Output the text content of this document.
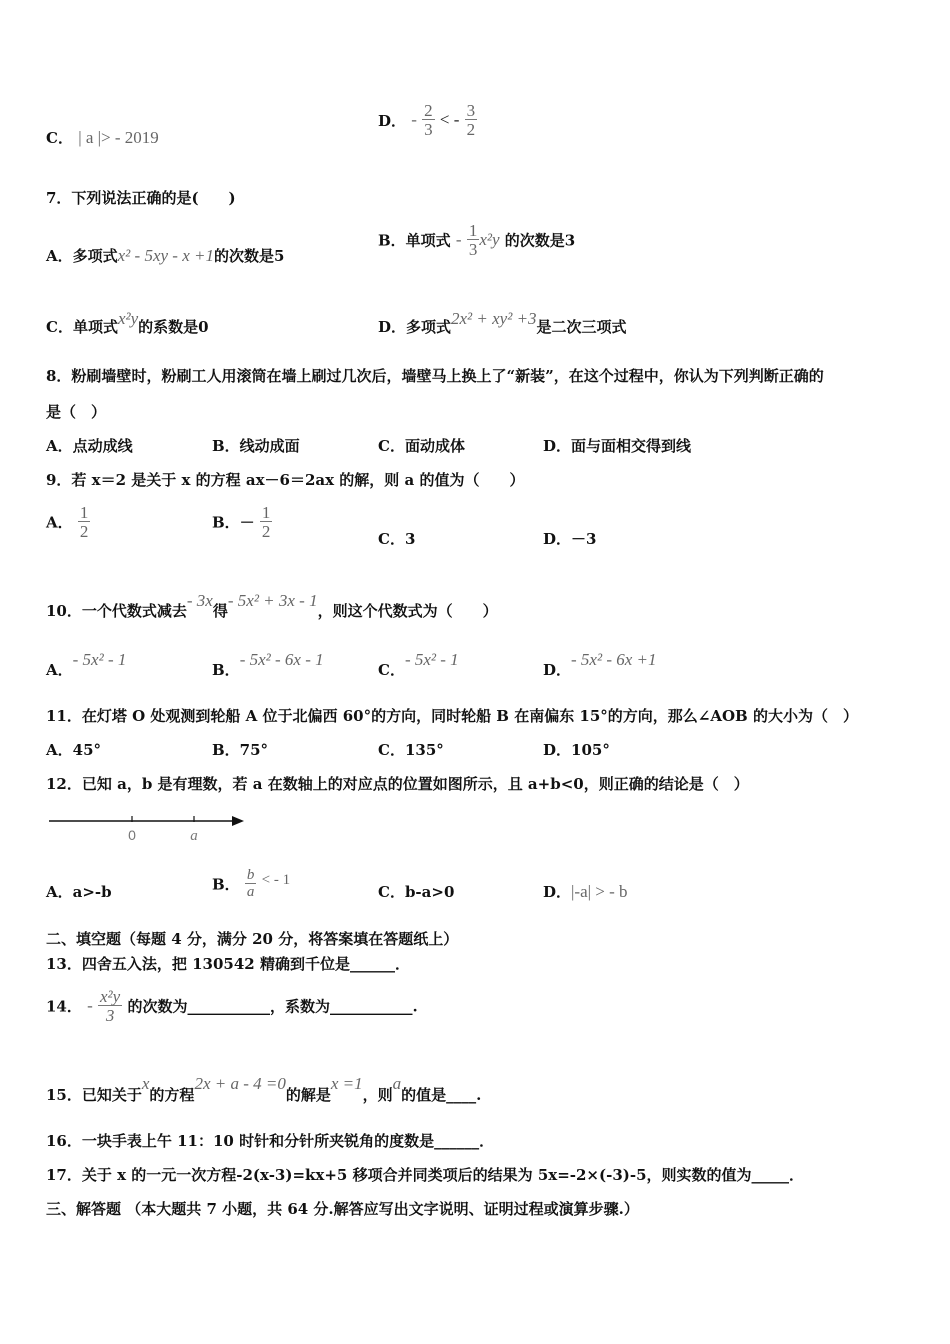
C． | a |> - 2019
D． - $\frac{2}{3}$ < - $\frac{3}{2}$
7．下列说法正确的是(　　)
A．多项式x² - 5xy - x +1的次数是5
B．单项式 - $\frac{1}{3} x^2y$ 的次数是3
C．单项式x²y的系数是0	D．多项式2x² + xy² +3是二次三项式
8．粉刷墙壁时，粉刷工人用滚筒在墙上刷过几次后，墙壁马上换上了“新装”，在这个过程中，你认为下列判断正确的
是（　）
A．点动成线	B．线动成面	C．面动成体	D．面与面相交得到线
9．若 x＝2 是关于 x 的方程 ax－6＝2ax 的解，则 a 的值为（　　）
A． $\frac{1}{2}$	B．－ $\frac{1}{2}$	C．3	D．－3
10．一个代数式减去- 3x得- 5x² + 3x - 1，则这个代数式为（　　）
A．- 5x² - 1
B．- 5x² - 6x - 1
C．- 5x² - 1
D．- 5x² - 6x +1
11．在灯塔 O 处观测到轮船 A 位于北偏西 60°的方向，同时轮船 B 在南偏东 15°的方向，那么∠AOB 的大小为（　）
A．45°	B．75°	C．135°	D．105°
12．已知 a，b 是有理数，若 a 在数轴上的对应点的位置如图所示，且 a+b<0，则正确的结论是（　）
0	a
A．a>-b	B． $\frac{b}{a}$ < - 1
C．b-a>0	D．|-a| > - b
二、填空题（每题 4 分，满分 20 分，将答案填在答题纸上）
13．四舍五入法，把 130542 精确到千位是______．
14． - $\frac{\text{x²y}}{3}$ 的次数为___________，系数为___________.
15．已知关于x的方程2x + a - 4 =0的解是x =1，则a的值是____.
16．一块手表上午 11：10 时针和分针所夹锐角的度数是______．
17．关于 x 的一元一次方程-2(x-3)=kx+5 移项合并同类项后的结果为 5x=-2×(-3)-5，则实数的值为_____．
三、解答题 （本大题共 7 小题，共 64 分.解答应写出文字说明、证明过程或演算步骤.）
